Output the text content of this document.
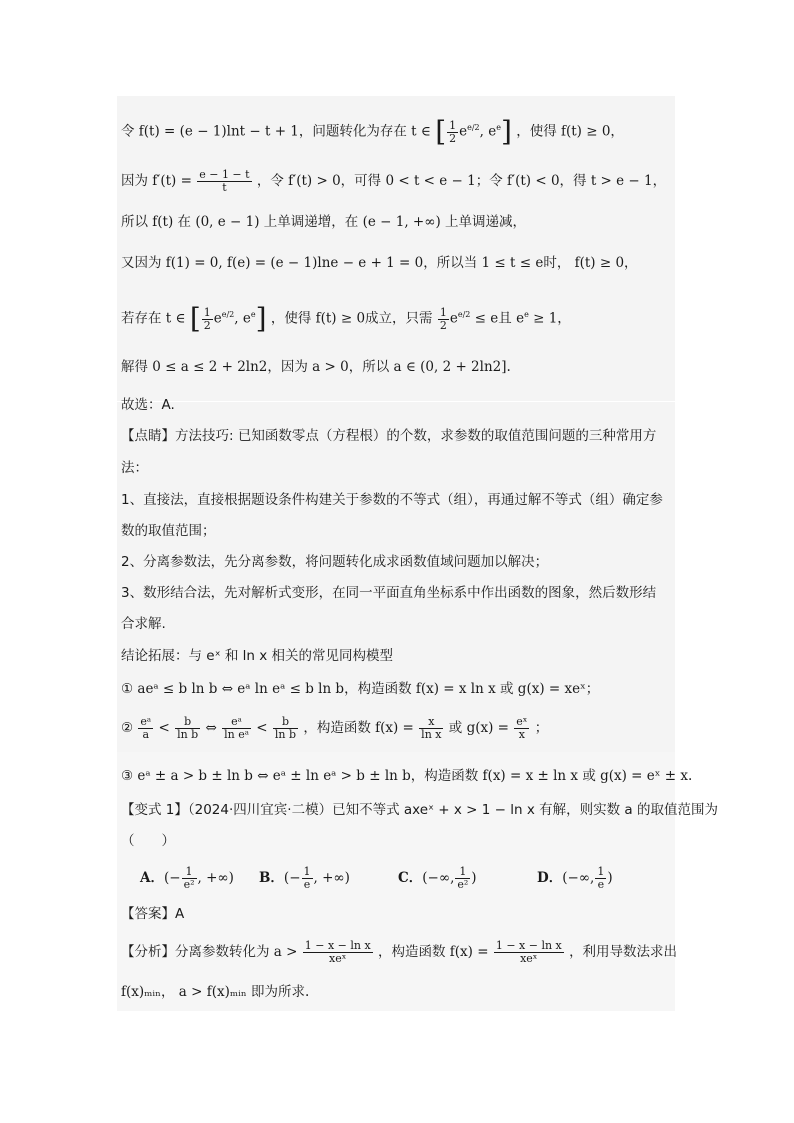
令 f(t) = (e − 1)lnt − t + 1，问题转化为存在 t ∈ [ $\frac{1}{2} e^{e/2}$, $e^e$] ，使得 f(t) ≥ 0，
因为 $f'(t) = \frac{e - 1 - t}{t}$ ，令 f′(t) > 0，可得 0 < t < e − 1；令 f′(t) < 0，得 t > e − 1，
所以 f(t) 在 (0, e − 1) 上单调递增，在 (e − 1, +∞) 上单调递减，
又因为 f(1) = 0, f(e) = (e − 1)lne − e + 1 = 0，所以当 1 ≤ t ≤ e时， f(t) ≥ 0，
若存在 t ∈ [ $\frac{1}{2} e^{e/2}$, $e^e$] ，使得 f(t) ≥ 0成立，只需 $\frac{1}{2} e^{e/2} \le e$且 $e^e \ge 1$，
解得 0 ≤ a ≤ 2 + 2ln2，因为 a > 0，所以 a ∈ (0, 2 + 2ln2].
故选：A.
【点睛】方法技巧: 已知函数零点（方程根）的个数，求参数的取值范围问题的三种常用方
法：
1、直接法，直接根据题设条件构建关于参数的不等式（组），再通过解不等式（组）确定参
数的取值范围；
2、分离参数法，先分离参数，将问题转化成求函数值域问题加以解决；
3、数形结合法，先对解析式变形，在同一平面直角坐标系中作出函数的图象，然后数形结
合求解.
结论拓展：与 eˣ 和 ln x 相关的常见同构模型
① aeᵃ ≤ b ln b ⇔ eᵃ ln eᵃ ≤ b ln b，构造函数 f(x) = x ln x 或 g(x) = xeˣ；
② $\frac{\text{eᵃ}}{a} < \frac{b}{\text{ln b}}$ ⇔ $\frac{\text{eᵃ}}{\text{ln eᵃ}} < \frac{b}{\text{ln b}}$ ，构造函数 $f(x) = \frac{x}{\text{ln x}}$ 或 $g(x) = \frac{\text{eˣ}}{x}$ ；
③ eᵃ ± a > b ± ln b ⇔ eᵃ ± ln eᵃ > b ± ln b，构造函数 f(x) = x ± ln x 或 g(x) = eˣ ± x.
【变式 1】（2024·四川宜宾·二模）已知不等式 axeˣ + x > 1 − ln x 有解，则实数 a 的取值范围为
（　　）
A．(− $\frac{1}{\text{e²}}$ , +∞) B．(− $\frac{1}{e}$ , +∞)	C．(−∞, $\frac{1}{\text{e²}}$ )	D．(−∞, $\frac{1}{e}$ )
【答案】A
【分析】分离参数转化为 $a > \frac{\text{1 − x − ln x}}{\text{xeˣ}}$ ，构造函数 $f(x) = \frac{\text{1 − x − ln x}}{\text{xeˣ}}$ ，利用导数法求出
f(x)ₘᵢₙ， a > f(x)ₘᵢₙ 即为所求.
